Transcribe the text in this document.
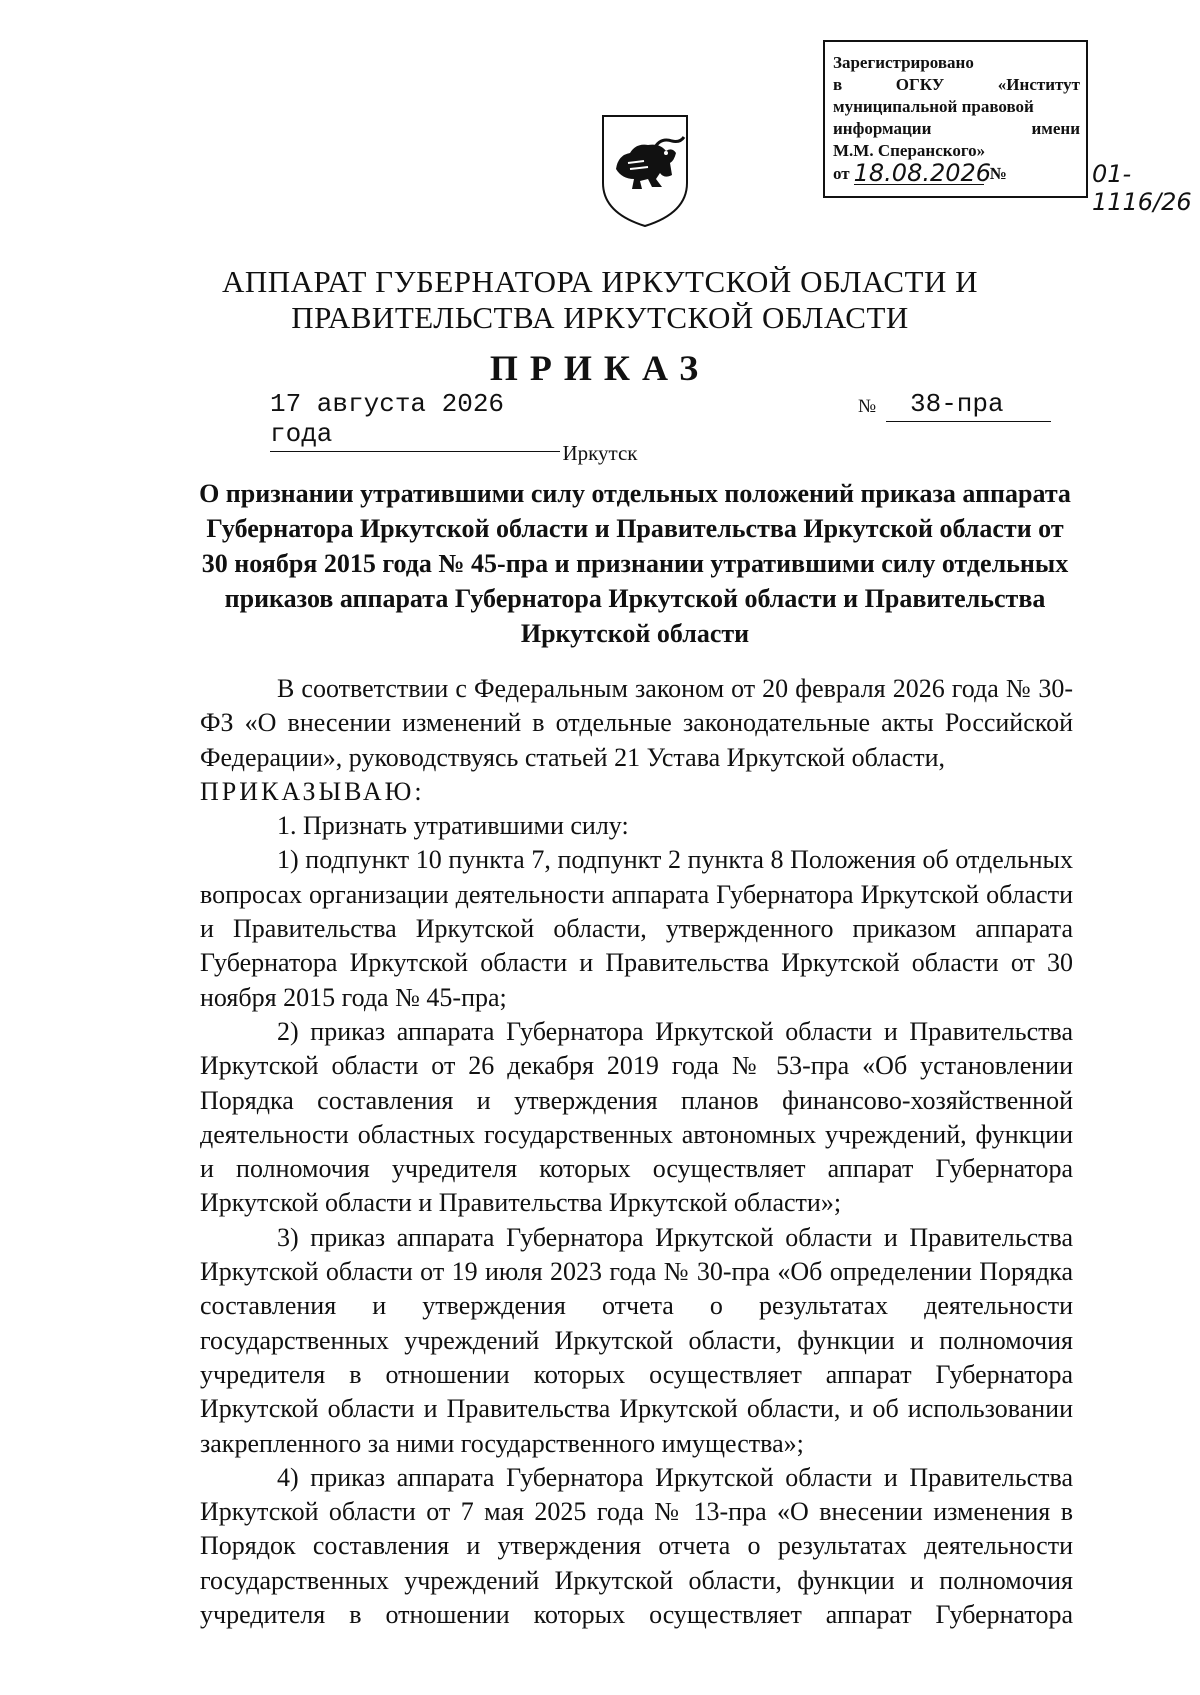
Зарегистрировано
в	ОГКУ	«Институт
муниципальной правовой
информации	имени
М.М. Сперанского»
от 18.08.2026
№	01-1116/26
АППАРАТ ГУБЕРНАТОРА ИРКУТСКОЙ ОБЛАСТИ И
ПРАВИТЕЛЬСТВА ИРКУТСКОЙ ОБЛАСТИ
ПРИКАЗ
17 августа 2026 года
№	38-пра
Иркутск
О признании утратившими силу отдельных положений приказа аппарата Губернатора Иркутской области и Правительства Иркутской области от 30 ноября 2015 года № 45-пра и признании утратившими силу отдельных приказов аппарата Губернатора Иркутской области и Правительства Иркутской области

В соответствии с Федеральным законом от 20 февраля 2026 года № 30-ФЗ «О внесении изменений в отдельные законодательные акты Российской Федерации», руководствуясь статьей 21 Устава Иркутской области,

ПРИКАЗЫВАЮ:

1. Признать утратившими силу:

1) подпункт 10 пункта 7, подпункт 2 пункта 8 Положения об отдельных вопросах организации деятельности аппарата Губернатора Иркутской области и Правительства Иркутской области, утвержденного приказом аппарата Губернатора Иркутской области и Правительства Иркутской области от 30 ноября 2015 года № 45-пра;

2) приказ аппарата Губернатора Иркутской области и Правительства Иркутской области от 26 декабря 2019 года № 53-пра «Об установлении Порядка составления и утверждения планов финансово-хозяйственной деятельности областных государственных автономных учреждений, функции и полномочия учредителя которых осуществляет аппарат Губернатора Иркутской области и Правительства Иркутской области»;

3) приказ аппарата Губернатора Иркутской области и Правительства Иркутской области от 19 июля 2023 года № 30-пра «Об определении Порядка составления и утверждения отчета о результатах деятельности государственных учреждений Иркутской области, функции и полномочия учредителя в отношении которых осуществляет аппарат Губернатора Иркутской области и Правительства Иркутской области, и об использовании закрепленного за ними государственного имущества»;

4) приказ аппарата Губернатора Иркутской области и Правительства Иркутской области от 7 мая 2025 года № 13-пра «О внесении изменения в Порядок составления и утверждения отчета о результатах деятельности государственных учреждений Иркутской области, функции и полномочия учредителя в отношении которых осуществляет аппарат Губернатора
